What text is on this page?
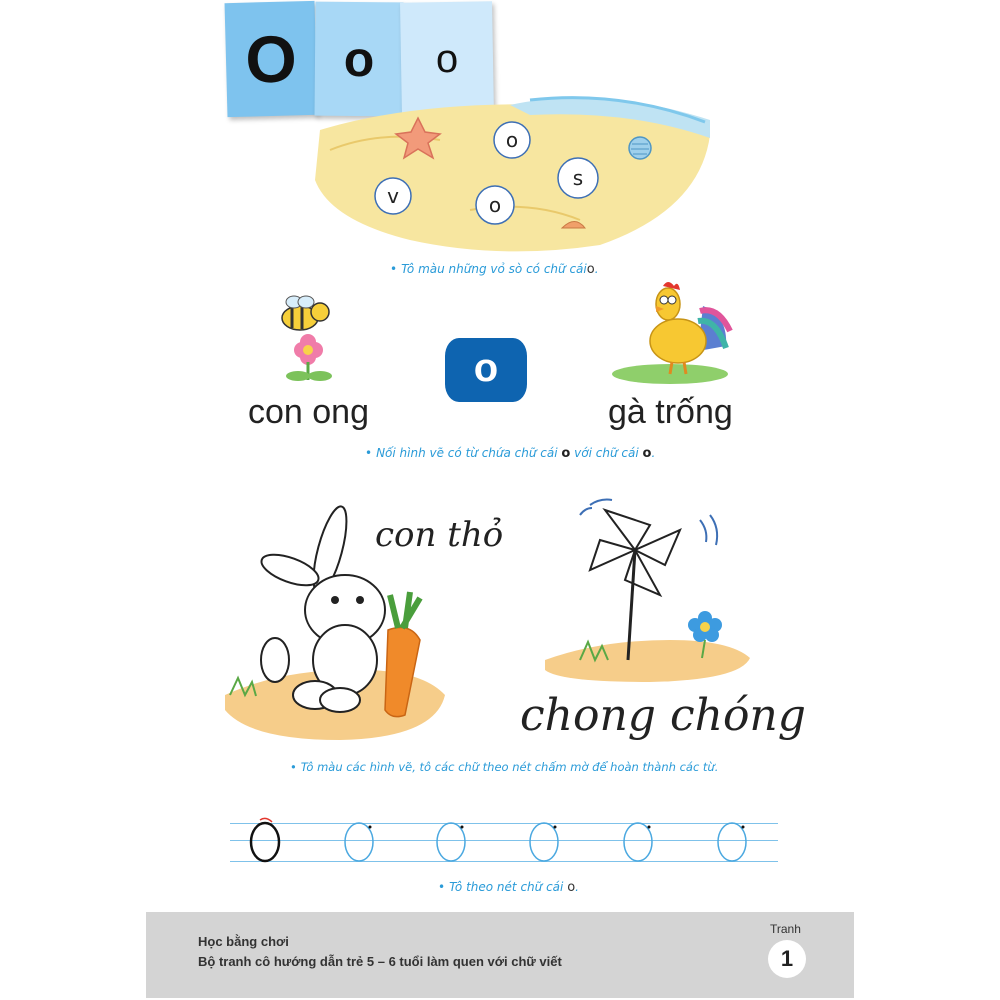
O o o
o
o
s
v
• Tô màu những vỏ sò có chữ cáio.
con ong
o
gà trống
• Nối hình vẽ có từ chứa chữ cái o với chữ cái o.
con thỏ
chong chóng
• Tô màu các hình vẽ, tô các chữ theo nét chấm mờ để hoàn thành các từ.
• Tô theo nét chữ cái o.
Học bằng chơi
Bộ tranh cô hướng dẫn trẻ 5 – 6 tuổi làm quen với chữ viết
Tranh
1
